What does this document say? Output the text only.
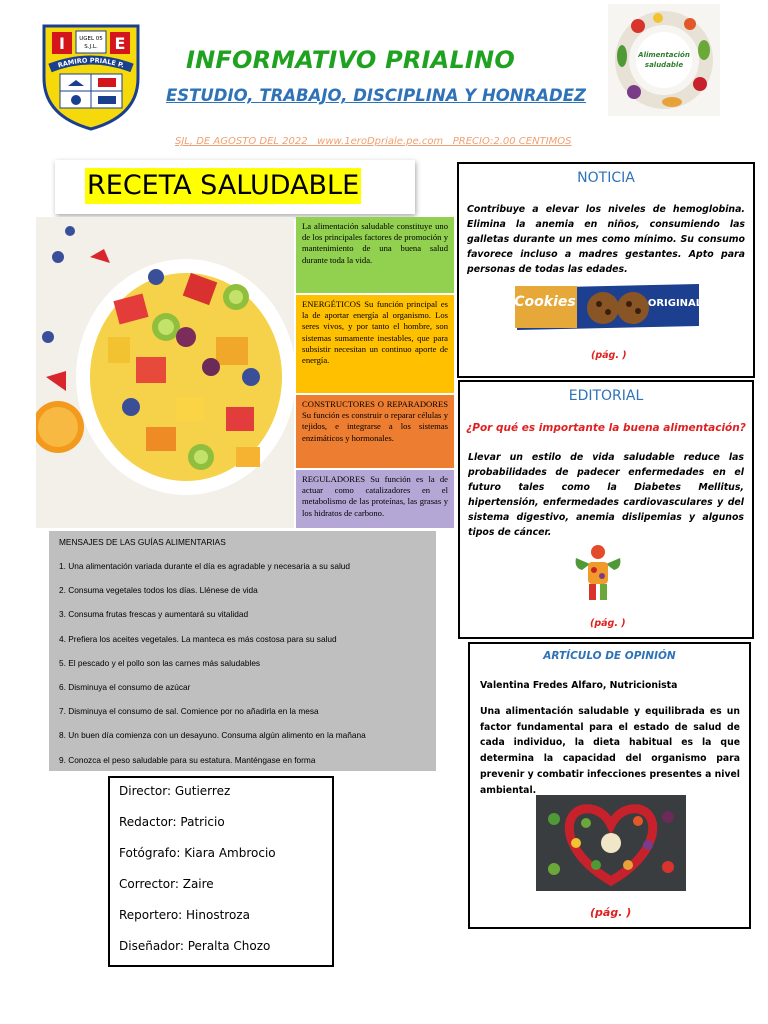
I	E
UGEL 05
S.J.L.
RAMIRO PRIALE P.	INFORMATIVO PRIALINO
ESTUDIO, TRABAJO, DISCIPLINA Y HONRADEZ
SJL, DE AGOSTO DEL 2022   www.1eroDpriale.pe.com   PRECIO:2.00 CENTIMOS
Alimentación
saludable
RECETA SALUDABLE
La alimentación saludable constituye uno de los principales factores de promoción y mantenimiento de una buena salud durante toda la vida.
ENERGÉTICOS Su función principal es la de aportar energía al organismo. Los seres vivos, y por tanto el hombre, son sistemas sumamente inestables, que para subsistir necesitan un continuo aporte de energía.
CONSTRUCTORES O REPARADORES Su función es construir o reparar células y tejidos, e integrarse a los sistemas enzimáticos y hormonales.
REGULADORES Su función es la de actuar como catalizadores en el metabolismo de las proteínas, las grasas y los hidratos de carbono.
MENSAJES DE LAS GUÍAS ALIMENTARIAS
1. Una alimentación variada durante el día es agradable y necesaria a su salud
2. Consuma vegetales todos los días. Llénese de vida
3. Consuma frutas frescas y aumentará su vitalidad
4. Prefiera los aceites vegetales. La manteca es más costosa para su salud
5. El pescado y el pollo son las carnes más saludables
6. Disminuya el consumo de azúcar
7. Disminuya el consumo de sal. Comience por no añadirla en la mesa
8. Un buen día comienza con un desayuno. Consuma algún alimento en la mañana
9. Conozca el peso saludable para su estatura. Manténgase en forma
Director: Gutierrez
Redactor: Patricio
Fotógrafo: Kiara Ambrocio
Corrector: Zaire
Reportero: Hinostroza
Diseñador: Peralta Chozo
NOTICIA
Contribuye a elevar los niveles de hemoglobina. Elimina la anemia en niños, consumiendo las galletas durante un mes como mínimo. Su consumo favorece incluso a madres gestantes. Apto para personas de todas las edades.
Cookies	ORIGINAL
(pág. )
EDITORIAL
¿Por qué es importante la buena alimentación?
Llevar un estilo de vida saludable reduce las probabilidades de padecer enfermedades en el futuro tales como la Diabetes Mellitus, hipertensión, enfermedades cardiovasculares y del sistema digestivo, anemia dislipemias y algunos tipos de cáncer.
(pág. )
ARTÍCULO DE OPINIÓN
Valentina Fredes Alfaro, Nutricionista
Una alimentación saludable y equilibrada es un factor fundamental para el estado de salud de cada individuo, la dieta habitual es la que determina la capacidad del organismo para prevenir y combatir infecciones presentes a nivel ambiental.
(pág. )
